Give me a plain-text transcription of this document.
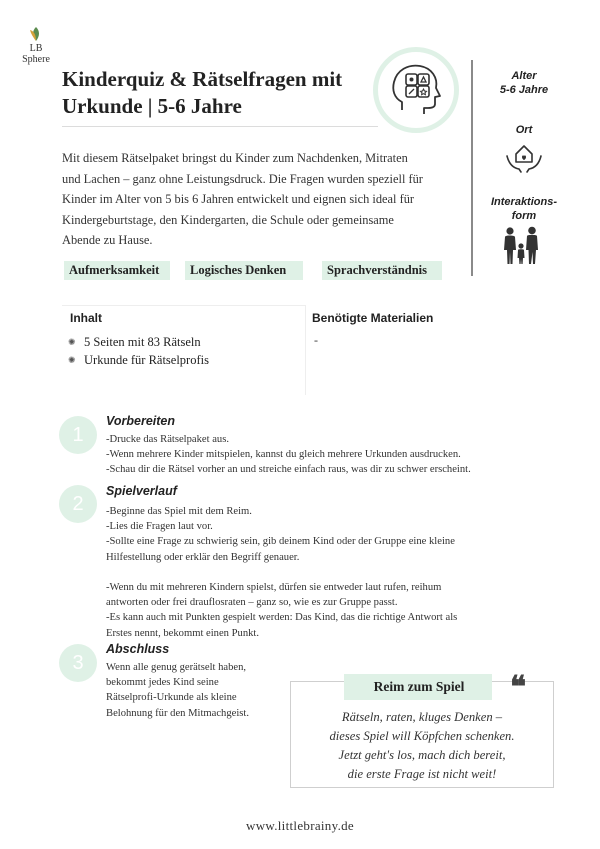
LB
Sphere
Kinderquiz & Rätselfragen mit
Urkunde | 5-6 Jahre
Alter
5-6 Jahre
Ort
Interaktions-
form
Mit diesem Rätselpaket bringst du Kinder zum Nachdenken, Mitraten
und Lachen – ganz ohne Leistungsdruck. Die Fragen wurden speziell für
Kinder im Alter von 5 bis 6 Jahren entwickelt und eignen sich ideal für
Kindergeburtstage, den Kindergarten, die Schule oder gemeinsame
Abende zu Hause.
Aufmerksamkeit	Logisches Denken	Sprachverständnis
Inhalt
✺ 5 Seiten mit 83 Rätseln
✺ Urkunde für Rätselprofis
Benötigte Materialien
-
1
Vorbereiten
-Drucke das Rätselpaket aus.
-Wenn mehrere Kinder mitspielen, kannst du gleich mehrere Urkunden ausdrucken.
-Schau dir die Rätsel vorher an und streiche einfach raus, was dir zu schwer erscheint.
2
Spielverlauf
-Beginne das Spiel mit dem Reim.
-Lies die Fragen laut vor.
-Sollte eine Frage zu schwierig sein, gib deinem Kind oder der Gruppe eine kleine
Hilfestellung oder erklär den Begriff genauer.
-Wenn du mit mehreren Kindern spielst, dürfen sie entweder laut rufen, reihum
antworten oder frei drauflosraten – ganz so, wie es zur Gruppe passt.
-Es kann auch mit Punkten gespielt werden: Das Kind, das die richtige Antwort als
Erstes nennt, bekommt einen Punkt.
3
Abschluss
Wenn alle genug gerätselt haben,
bekommt jedes Kind seine
Rätselprofi-Urkunde als kleine
Belohnung für den Mitmachgeist.
Reim zum Spiel	❝
Rätseln, raten, kluges Denken –
dieses Spiel will Köpfchen schenken.
Jetzt geht's los, mach dich bereit,
die erste Frage ist nicht weit!
www.littlebrainy.de
